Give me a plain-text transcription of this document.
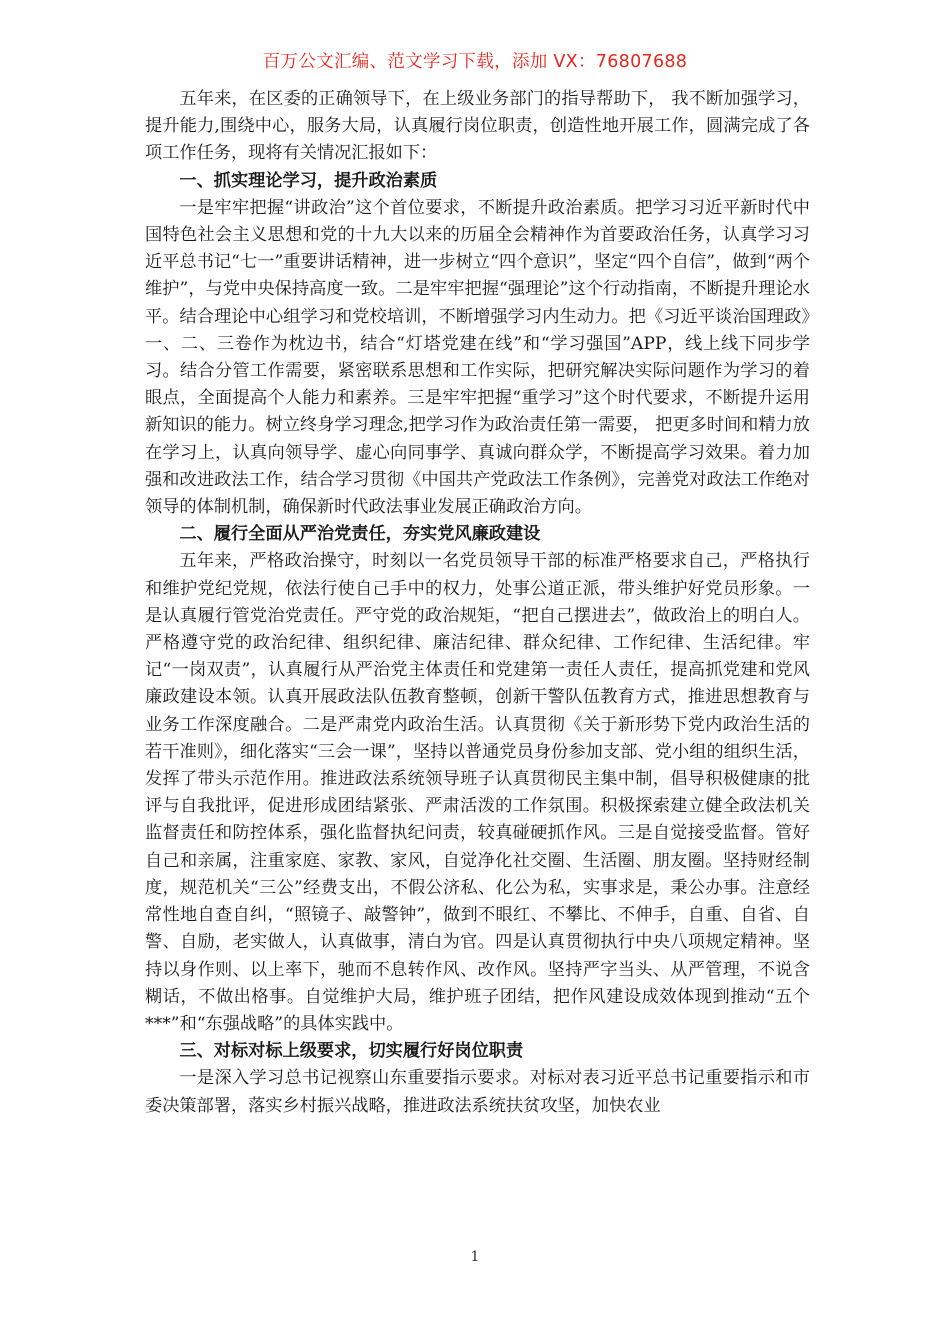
百万公文汇编、范文学习下载，添加 VX：76807688

五年来，在区委的正确领导下，在上级业务部门的指导帮助下， 我不断加强学习，提升能力,围绕中心，服务大局，认真履行岗位职责，创造性地开展工作，圆满完成了各项工作任务，现将有关情况汇报如下：

一、抓实理论学习，提升政治素质

一是牢牢把握“讲政治”这个首位要求，不断提升政治素质。把学习习近平新时代中国特色社会主义思想和党的十九大以来的历届全会精神作为首要政治任务，认真学习习近平总书记“七一”重要讲话精神，进一步树立“四个意识”，坚定“四个自信”，做到“两个维护”，与党中央保持高度一致。二是牢牢把握“强理论”这个行动指南，不断提升理论水平。结合理论中心组学习和党校培训，不断增强学习内生动力。把《习近平谈治国理政》一、二、三卷作为枕边书，结合“灯塔党建在线”和“学习强国”APP，线上线下同步学习。结合分管工作需要，紧密联系思想和工作实际，把研究解决实际问题作为学习的着眼点，全面提高个人能力和素养。三是牢牢把握“重学习”这个时代要求，不断提升运用新知识的能力。树立终身学习理念,把学习作为政治责任第一需要， 把更多时间和精力放在学习上，认真向领导学、虚心向同事学、真诚向群众学，不断提高学习效果。着力加强和改进政法工作，结合学习贯彻《中国共产党政法工作条例》，完善党对政法工作绝对领导的体制机制，确保新时代政法事业发展正确政治方向。

二、履行全面从严治党责任，夯实党风廉政建设

五年来，严格政治操守，时刻以一名党员领导干部的标准严格要求自己，严格执行和维护党纪党规，依法行使自己手中的权力，处事公道正派，带头维护好党员形象。一是认真履行管党治党责任。严守党的政治规矩，“把自己摆进去”，做政治上的明白人。严格遵守党的政治纪律、组织纪律、廉洁纪律、群众纪律、工作纪律、生活纪律。牢记“一岗双责”，认真履行从严治党主体责任和党建第一责任人责任，提高抓党建和党风廉政建设本领。认真开展政法队伍教育整顿，创新干警队伍教育方式，推进思想教育与业务工作深度融合。二是严肃党内政治生活。认真贯彻《关于新形势下党内政治生活的若干准则》，细化落实“三会一课”，坚持以普通党员身份参加支部、党小组的组织生活，发挥了带头示范作用。推进政法系统领导班子认真贯彻民主集中制，倡导积极健康的批评与自我批评，促进形成团结紧张、严肃活泼的工作氛围。积极探索建立健全政法机关监督责任和防控体系，强化监督执纪问责，较真碰硬抓作风。三是自觉接受监督。管好自己和亲属，注重家庭、家教、家风，自觉净化社交圈、生活圈、朋友圈。坚持财经制度，规范机关“三公”经费支出，不假公济私、化公为私，实事求是，秉公办事。注意经常性地自查自纠，“照镜子、敲警钟”，做到不眼红、不攀比、不伸手，自重、自省、自警、自励，老实做人，认真做事，清白为官。四是认真贯彻执行中央八项规定精神。坚持以身作则、以上率下，驰而不息转作风、改作风。坚持严字当头、从严管理，不说含糊话，不做出格事。自觉维护大局，维护班子团结，把作风建设成效体现到推动“五个***”和“东强战略”的具体实践中。

三、对标对标上级要求，切实履行好岗位职责

一是深入学习总书记视察山东重要指示要求。对标对表习近平总书记重要指示和市委决策部署，落实乡村振兴战略，推进政法系统扶贫攻坚，加快农业

1
